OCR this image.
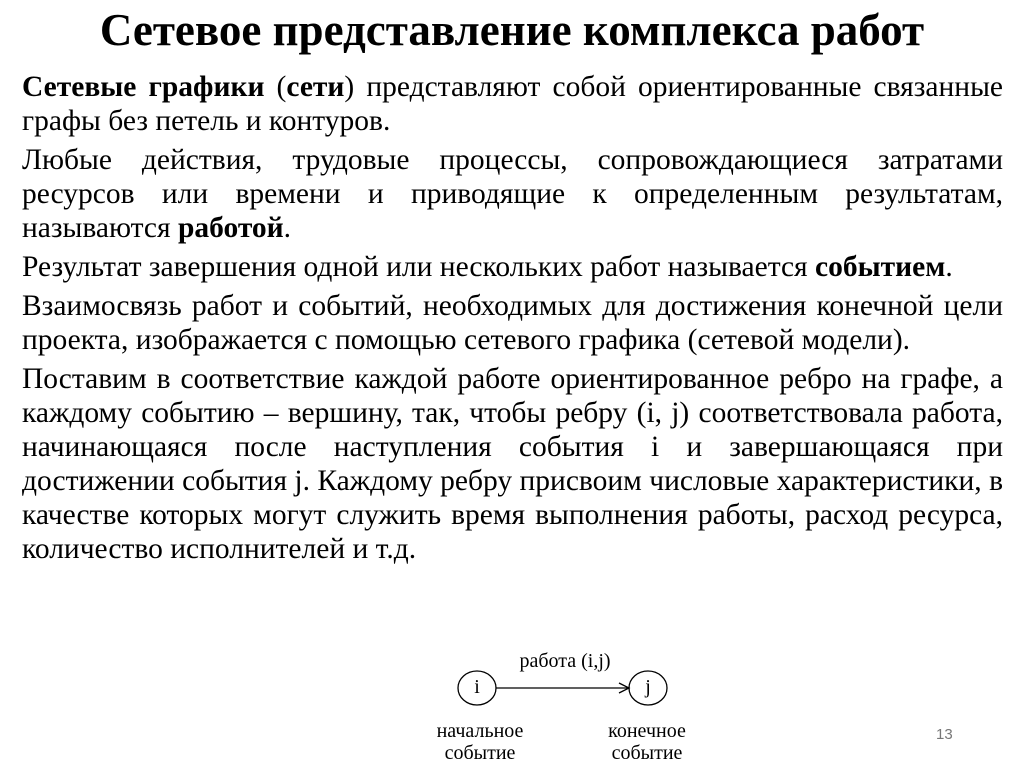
Сетевое представление комплекса работ

Сетевые графики (сети) представляют собой ориентированные связанные графы без петель и контуров.

Любые действия, трудовые процессы, сопровождающиеся затратами ресурсов или времени и приводящие к определенным результатам, называются работой.

Результат завершения одной или нескольких работ называется событием.

Взаимосвязь работ и событий, необходимых для достижения конечной цели проекта, изображается с помощью сетевого графика (сетевой модели).

Поставим в соответствие каждой работе ориентированное ребро на графе, а каждому событию – вершину, так, чтобы ребру (i, j) соответствовала работа, начинающаяся после наступления события i и завершающаяся при достижении события j. Каждому ребру присвоим числовые характеристики, в качестве которых могут служить время выполнения работы, расход ресурса, количество исполнителей и т.д.

работа (i,j)
i	j
начальное
событие
конечное
событие
13
